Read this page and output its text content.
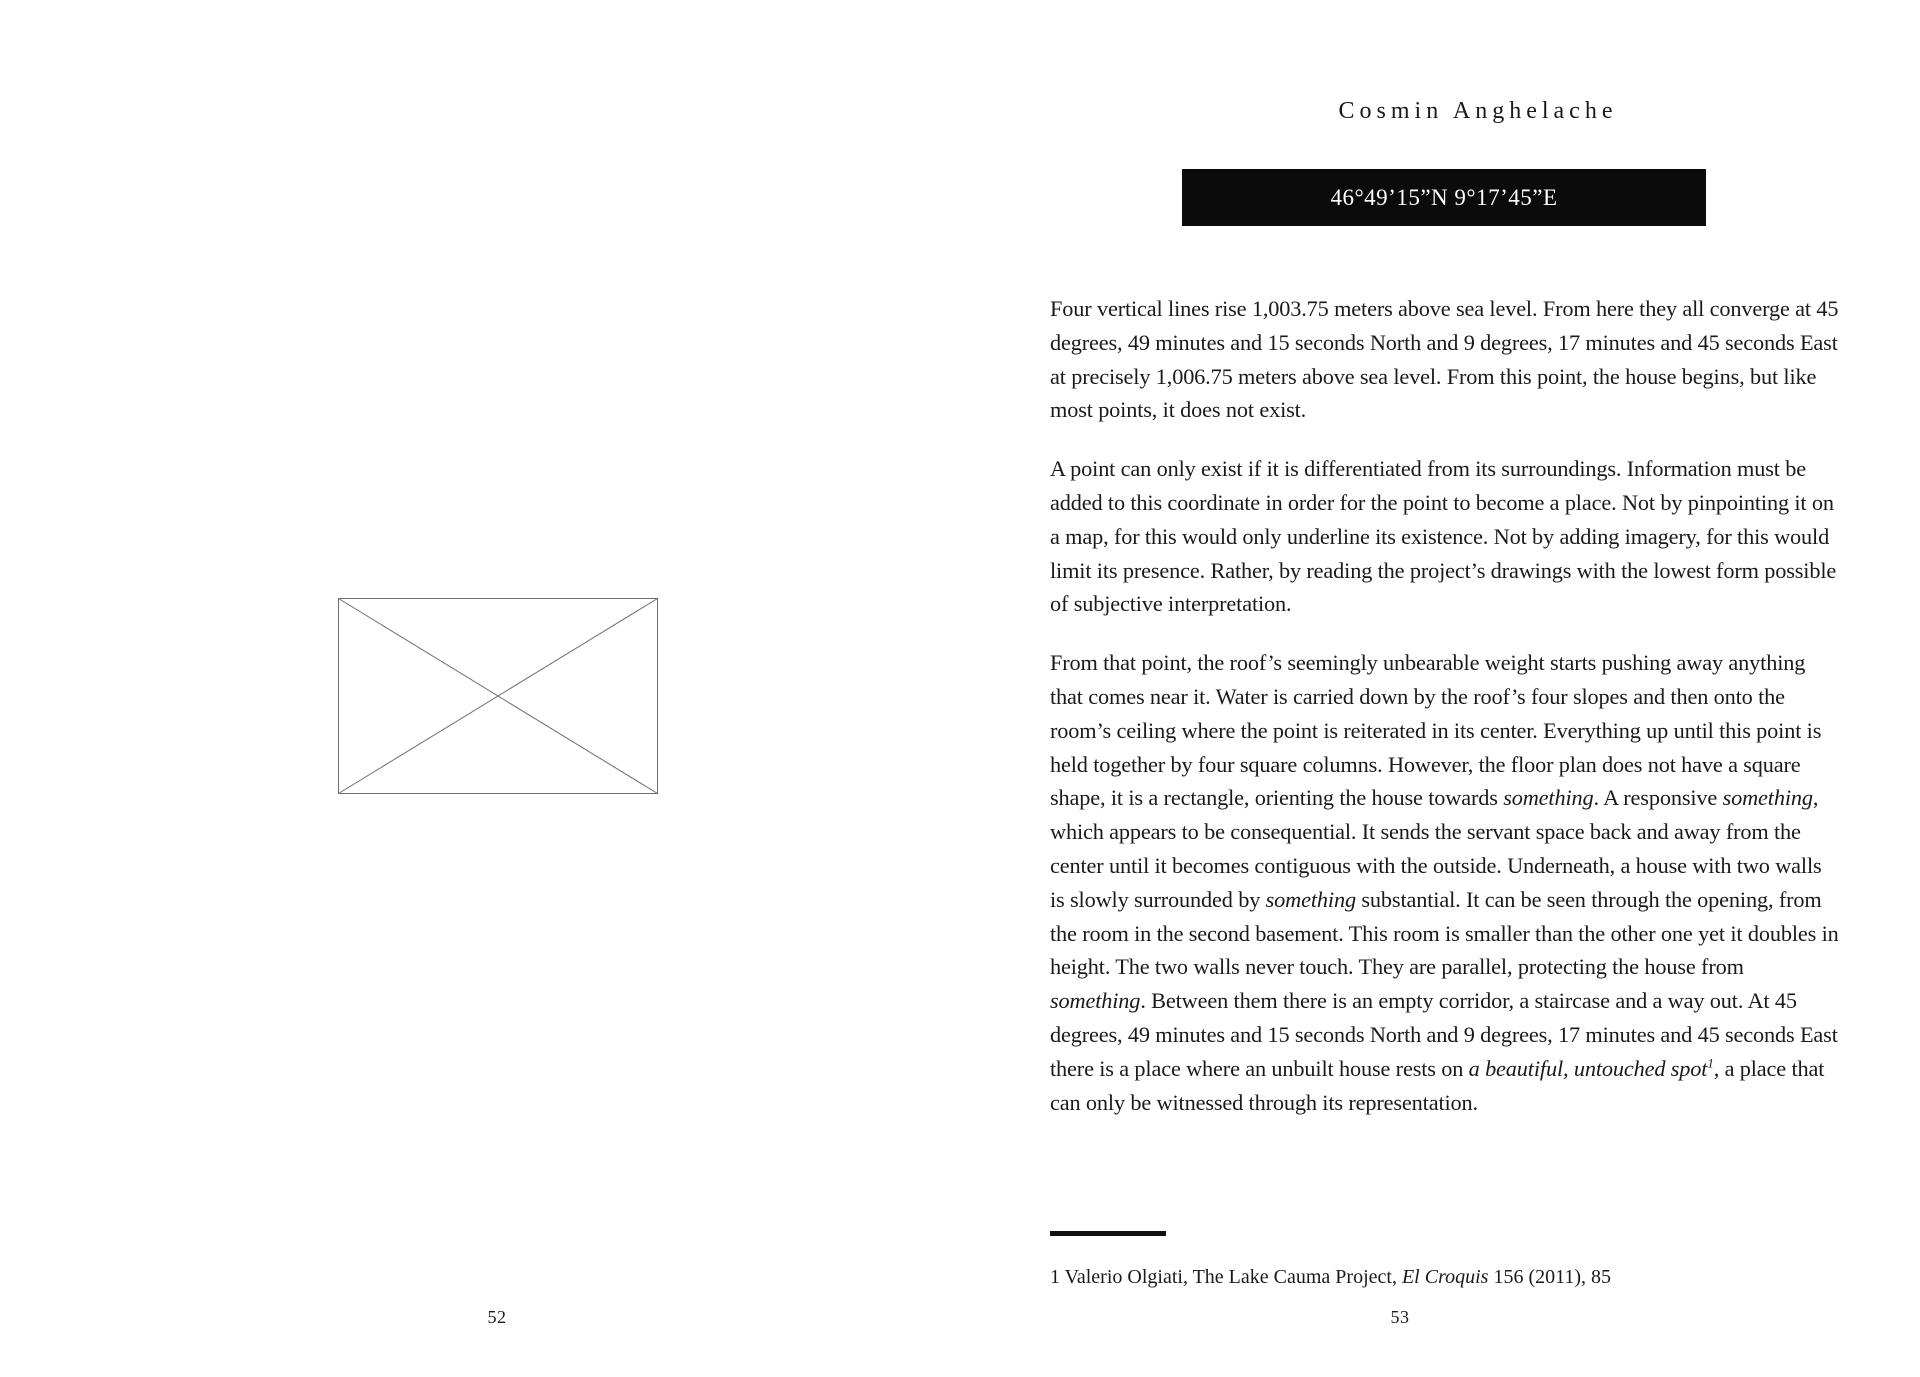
52
Cosmin Anghelache
46°49’15”N 9°17’45”E

Four vertical lines rise 1,003.75 meters above sea level. From here they all converge at 45 degrees, 49 minutes and 15 seconds North and 9 degrees, 17 minutes and 45 seconds East at precisely 1,006.75 meters above sea level. From this point, the house begins, but like most points, it does not exist.

A point can only exist if it is differentiated from its surroundings. Information must be added to this coordinate in order for the point to become a place. Not by pinpointing it on a map, for this would only underline its existence. Not by adding imagery, for this would limit its presence. Rather, by reading the project’s drawings with the lowest form possible of subjective interpretation.

From that point, the roof’s seemingly unbearable weight starts pushing away anything that comes near it. Water is carried down by the roof’s four slopes and then onto the room’s ceiling where the point is reiterated in its center. Everything up until this point is held together by four square columns. However, the floor plan does not have a square shape, it is a rectangle, orienting the house towards something. A responsive something, which appears to be consequential. It sends the servant space back and away from the center until it becomes contiguous with the outside. Underneath, a house with two walls is slowly surrounded by something substantial. It can be seen through the opening, from the room in the second basement. This room is smaller than the other one yet it doubles in height. The two walls never touch. They are parallel, protecting the house from something. Between them there is an empty corridor, a staircase and a way out. At 45 degrees, 49 minutes and 15 seconds North and 9 degrees, 17 minutes and 45 seconds East there is a place where an unbuilt house rests on a beautiful, untouched spot$^1$, a place that can only be witnessed through its representation.

1 Valerio Olgiati, The Lake Cauma Project, El Croquis 156 (2011), 85
53
